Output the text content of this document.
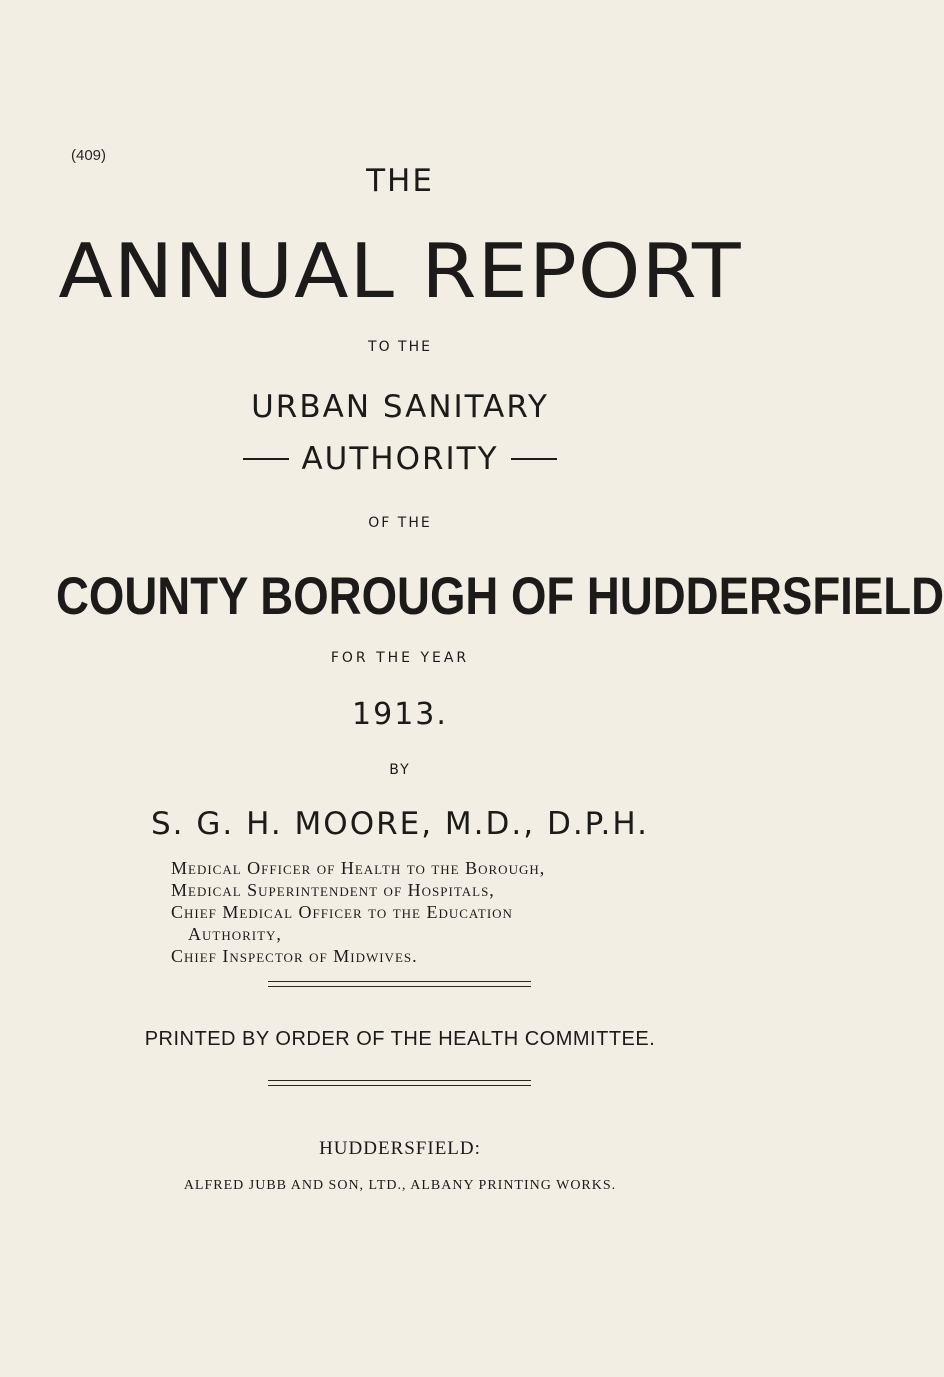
(409)
THE
ANNUAL REPORT
TO THE
URBAN SANITARY
AUTHORITY
OF THE
COUNTY BOROUGH OF HUDDERSFIELD
FOR THE YEAR
1913.
BY
S. G. H. MOORE, M.D., D.P.H.
Medical Officer of Health to the Borough,
Medical Superintendent of Hospitals,
Chief Medical Officer to the Education
Authority,
Chief Inspector of Midwives.
PRINTED BY ORDER OF THE HEALTH COMMITTEE.
HUDDERSFIELD:
ALFRED JUBB AND SON, LTD., ALBANY PRINTING WORKS.
